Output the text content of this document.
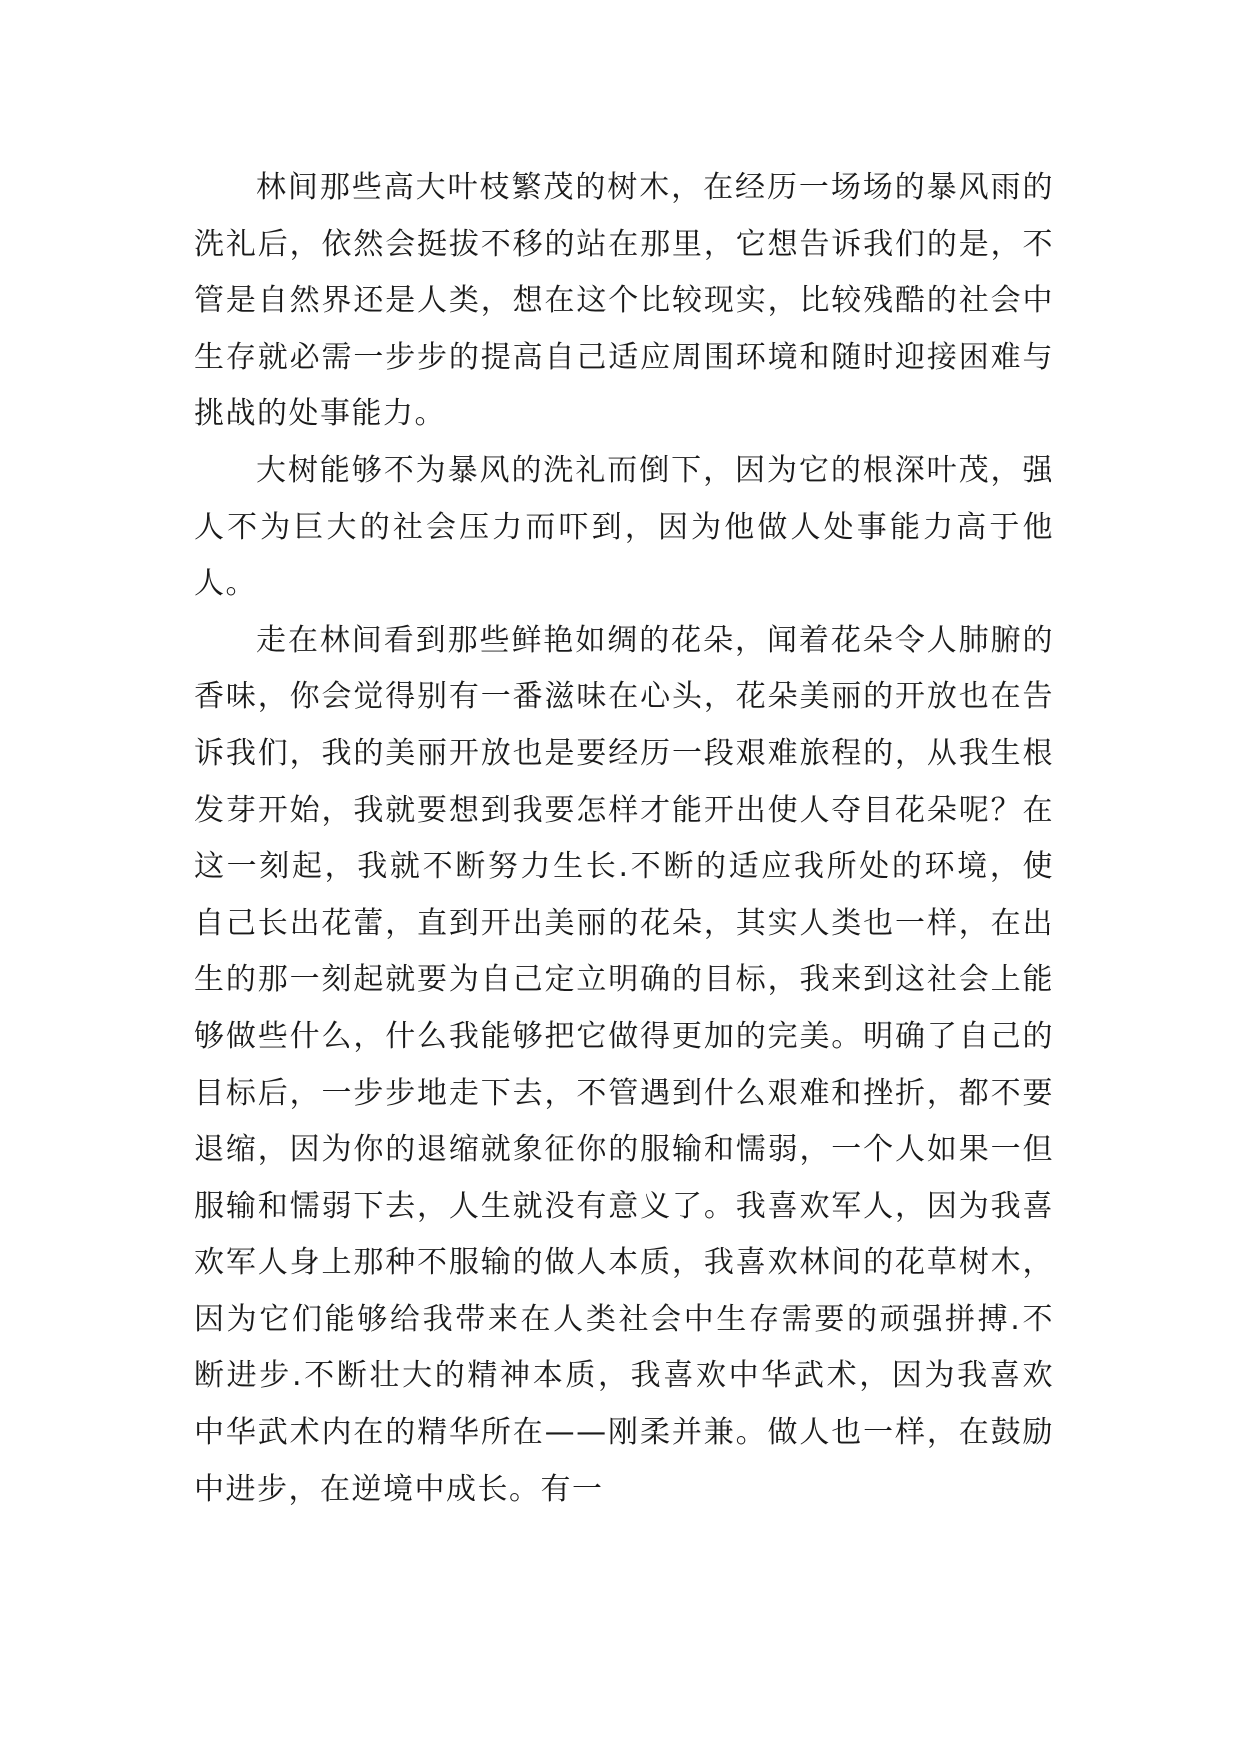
林间那些高大叶枝繁茂的树木，在经历一场场的暴风雨的洗礼后，依然会挺拔不移的站在那里，它想告诉我们的是，不管是自然界还是人类，想在这个比较现实，比较残酷的社会中生存就必需一步步的提高自己适应周围环境和随时迎接困难与挑战的处事能力。

大树能够不为暴风的洗礼而倒下，因为它的根深叶茂，强人不为巨大的社会压力而吓到，因为他做人处事能力高于他人。

走在林间看到那些鲜艳如绸的花朵，闻着花朵令人肺腑的香味，你会觉得别有一番滋味在心头，花朵美丽的开放也在告诉我们，我的美丽开放也是要经历一段艰难旅程的，从我生根发芽开始，我就要想到我要怎样才能开出使人夺目花朵呢？在这一刻起，我就不断努力生长.不断的适应我所处的环境，使自己长出花蕾，直到开出美丽的花朵，其实人类也一样，在出生的那一刻起就要为自己定立明确的目标，我来到这社会上能够做些什么，什么我能够把它做得更加的完美。明确了自己的目标后，一步步地走下去，不管遇到什么艰难和挫折，都不要退缩，因为你的退缩就象征你的服输和懦弱，一个人如果一但服输和懦弱下去，人生就没有意义了。我喜欢军人，因为我喜欢军人身上那种不服输的做人本质，我喜欢林间的花草树木，因为它们能够给我带来在人类社会中生存需要的顽强拼搏.不断进步.不断壮大的精神本质，我喜欢中华武术，因为我喜欢中华武术内在的精华所在——刚柔并兼。做人也一样，在鼓励中进步，在逆境中成长。有一
